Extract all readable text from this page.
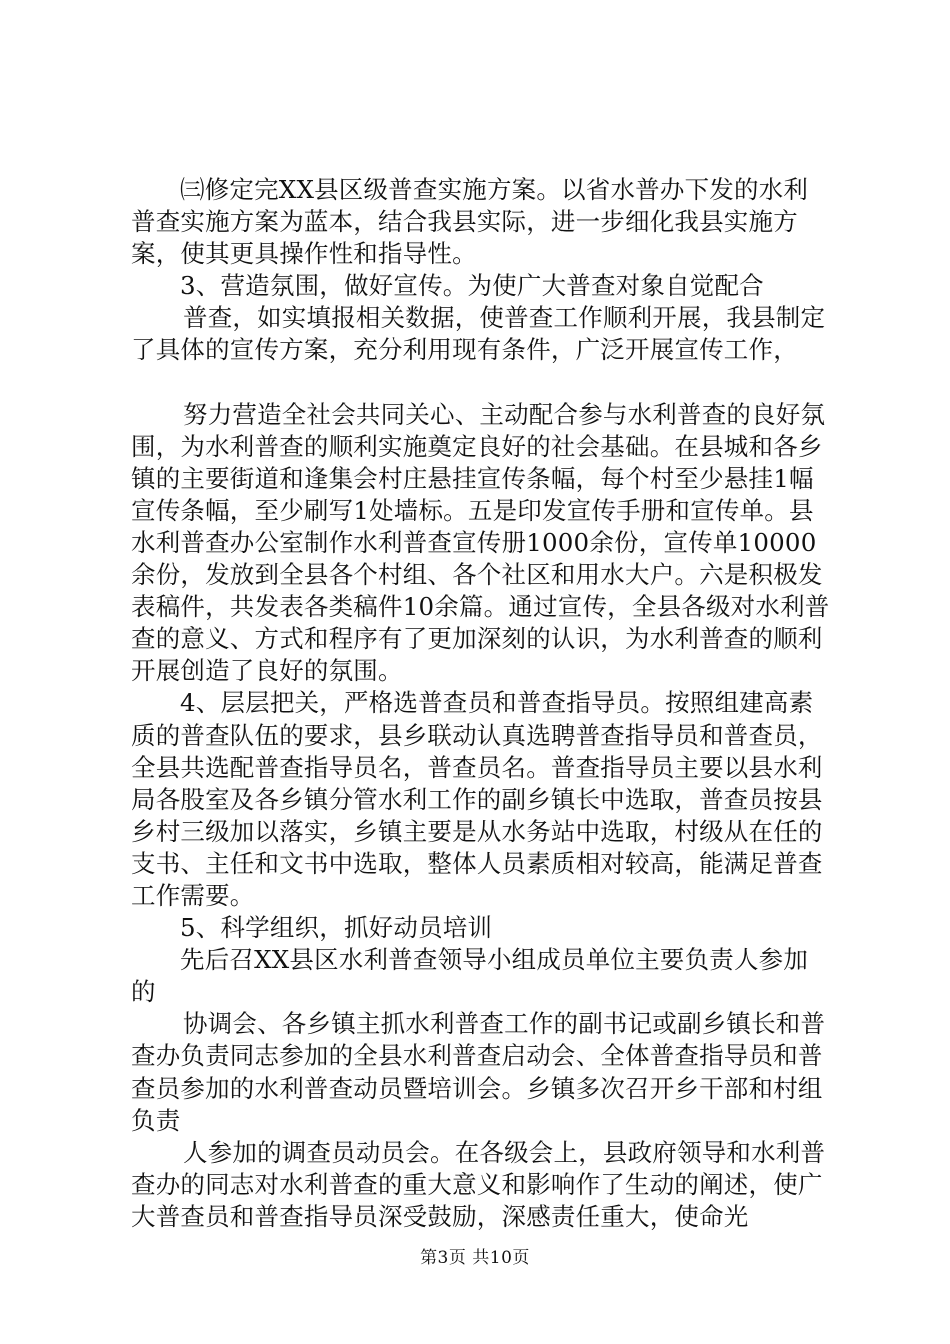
㈢修定完XX县区级普查实施方案。以省水普办下发的水利普查实施方案为蓝本，结合我县实际，进一步细化我县实施方案，使其更具操作性和指导性。

3、营造氛围，做好宣传。为使广大普查对象自觉配合

普查，如实填报相关数据，使普查工作顺利开展，我县制定了具体的宣传方案，充分利用现有条件，广泛开展宣传工作，

努力营造全社会共同关心、主动配合参与水利普查的良好氛围，为水利普查的顺利实施奠定良好的社会基础。在县城和各乡镇的主要街道和逢集会村庄悬挂宣传条幅，每个村至少悬挂1幅宣传条幅，至少刷写1处墙标。五是印发宣传手册和宣传单。县水利普查办公室制作水利普查宣传册1000余份，宣传单10000余份，发放到全县各个村组、各个社区和用水大户。六是积极发表稿件，共发表各类稿件10余篇。通过宣传，全县各级对水利普查的意义、方式和程序有了更加深刻的认识，为水利普查的顺利开展创造了良好的氛围。

4、层层把关，严格选普查员和普查指导员。按照组建高素质的普查队伍的要求，县乡联动认真选聘普查指导员和普查员，全县共选配普查指导员名，普查员名。普查指导员主要以县水利局各股室及各乡镇分管水利工作的副乡镇长中选取，普查员按县乡村三级加以落实，乡镇主要是从水务站中选取，村级从在任的支书、主任和文书中选取，整体人员素质相对较高，能满足普查工作需要。

5、科学组织，抓好动员培训

先后召XX县区水利普查领导小组成员单位主要负责人参加的

协调会、各乡镇主抓水利普查工作的副书记或副乡镇长和普查办负责同志参加的全县水利普查启动会、全体普查指导员和普查员参加的水利普查动员暨培训会。乡镇多次召开乡干部和村组负责

人参加的调查员动员会。在各级会上，县政府领导和水利普查办的同志对水利普查的重大意义和影响作了生动的阐述，使广大普查员和普查指导员深受鼓励，深感责任重大，使命光

第3页 共10页
